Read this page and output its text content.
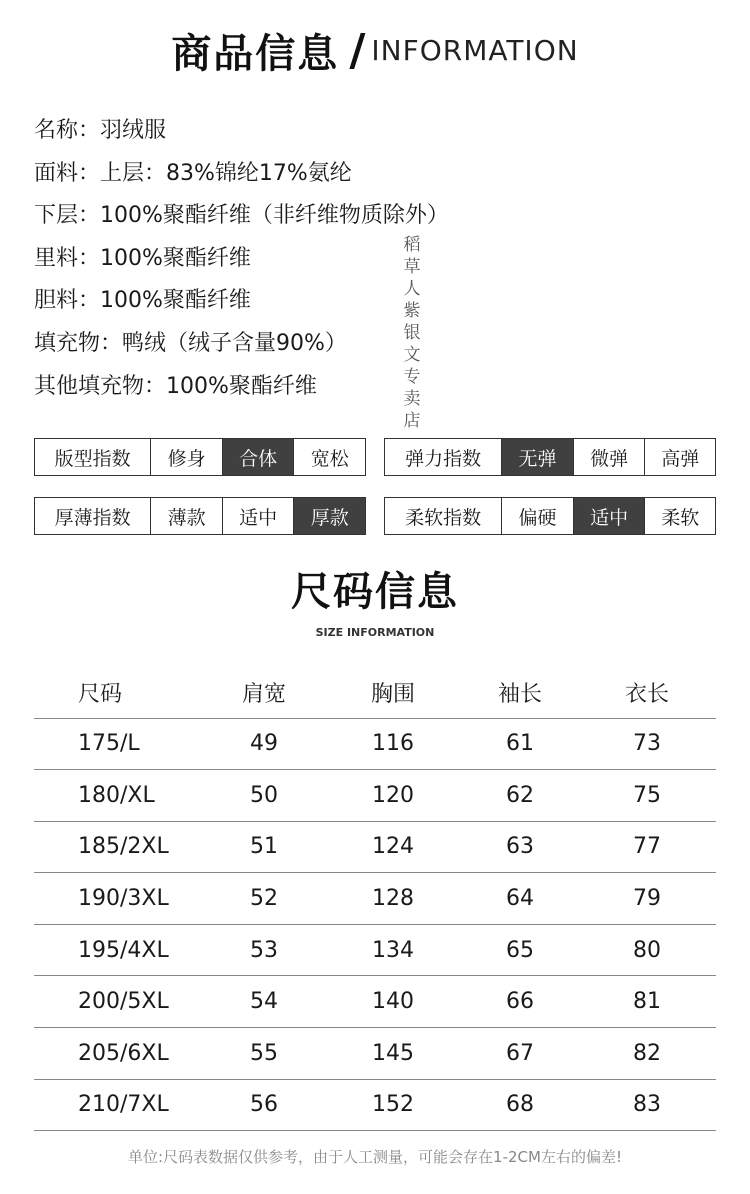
商品信息 / INFORMATION
名称：羽绒服
面料：上层：83%锦纶17%氨纶
下层：100%聚酯纤维（非纤维物质除外）
里料：100%聚酯纤维
胆料：100%聚酯纤维
填充物：鸭绒（绒子含量90%）
其他填充物：100%聚酯纤维
稻
草
人
紫
银
文
专
卖
店
版型指数	修身	合体	宽松	弹力指数	无弹	微弹	高弹
厚薄指数	薄款	适中	厚款	柔软指数	偏硬	适中	柔软
尺码信息
SIZE INFORMATION
尺码	肩宽	胸围	袖长	衣长
175/L	49	116	61	73
180/XL	50	120	62	75
185/2XL	51	124	63	77
190/3XL	52	128	64	79
195/4XL	53	134	65	80
200/5XL	54	140	66	81
205/6XL	55	145	67	82
210/7XL	56	152	68	83
单位:尺码表数据仅供参考，由于人工测量，可能会存在1-2CM左右的偏差!
